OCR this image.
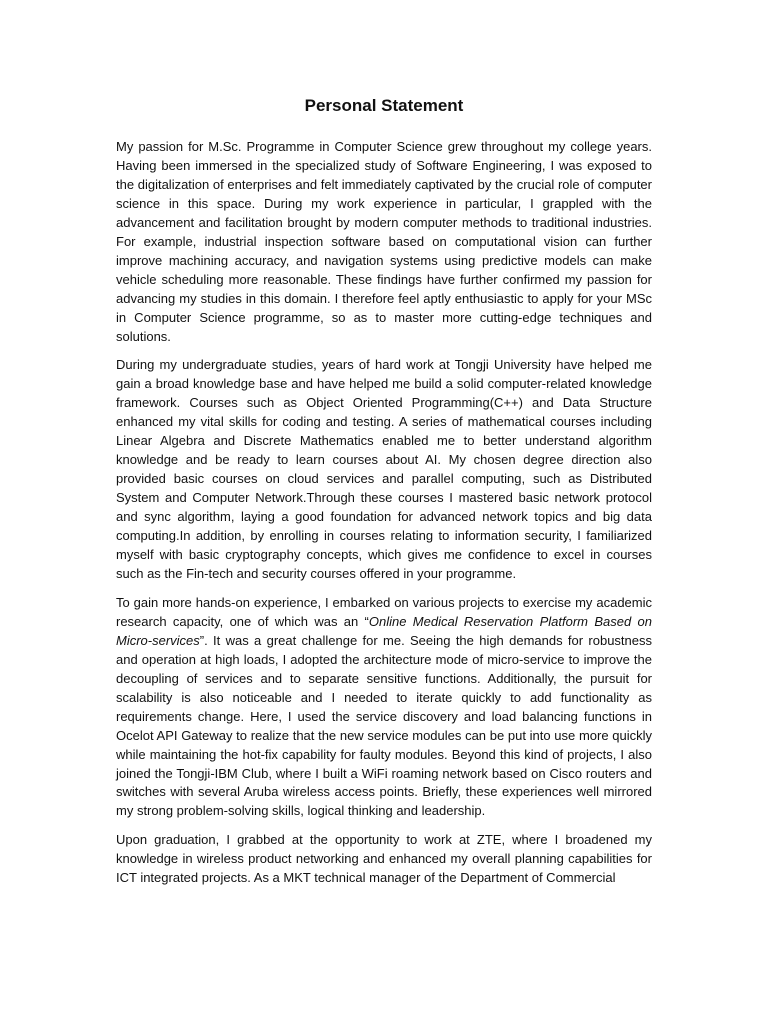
Personal Statement

My passion for M.Sc. Programme in Computer Science grew throughout my college years. Having been immersed in the specialized study of Software Engineering, I was exposed to the digitalization of enterprises and felt immediately captivated by the crucial role of computer science in this space. During my work experience in particular, I grappled with the advancement and facilitation brought by modern computer methods to traditional industries. For example, industrial inspection software based on computational vision can further improve machining accuracy, and navigation systems using predictive models can make vehicle scheduling more reasonable. These findings have further confirmed my passion for advancing my studies in this domain. I therefore feel aptly enthusiastic to apply for your MSc in Computer Science programme, so as to master more cutting-edge techniques and solutions.

During my undergraduate studies, years of hard work at Tongji University have helped me gain a broad knowledge base and have helped me build a solid computer-related knowledge framework. Courses such as Object Oriented Programming(C++) and Data Structure enhanced my vital skills for coding and testing. A series of mathematical courses including Linear Algebra and Discrete Mathematics enabled me to better understand algorithm knowledge and be ready to learn courses about AI. My chosen degree direction also provided basic courses on cloud services and parallel computing, such as Distributed System and Computer Network.Through these courses I mastered basic network protocol and sync algorithm, laying a good foundation for advanced network topics and big data computing.In addition, by enrolling in courses relating to information security, I familiarized myself with basic cryptography concepts, which gives me confidence to excel in courses such as the Fin-tech and security courses offered in your programme.

To gain more hands-on experience, I embarked on various projects to exercise my academic research capacity, one of which was an “Online Medical Reservation Platform Based on Micro-services”. It was a great challenge for me. Seeing the high demands for robustness and operation at high loads, I adopted the architecture mode of micro-service to improve the decoupling of services and to separate sensitive functions. Additionally, the pursuit for scalability is also noticeable and I needed to iterate quickly to add functionality as requirements change. Here, I used the service discovery and load balancing functions in Ocelot API Gateway to realize that the new service modules can be put into use more quickly while maintaining the hot-fix capability for faulty modules. Beyond this kind of projects, I also joined the Tongji-IBM Club, where I built a WiFi roaming network based on Cisco routers and switches with several Aruba wireless access points. Briefly, these experiences well mirrored my strong problem-solving skills, logical thinking and leadership.

Upon graduation, I grabbed at the opportunity to work at ZTE, where I broadened my knowledge in wireless product networking and enhanced my overall planning capabilities for ICT integrated projects. As a MKT technical manager of the Department of Commercial
